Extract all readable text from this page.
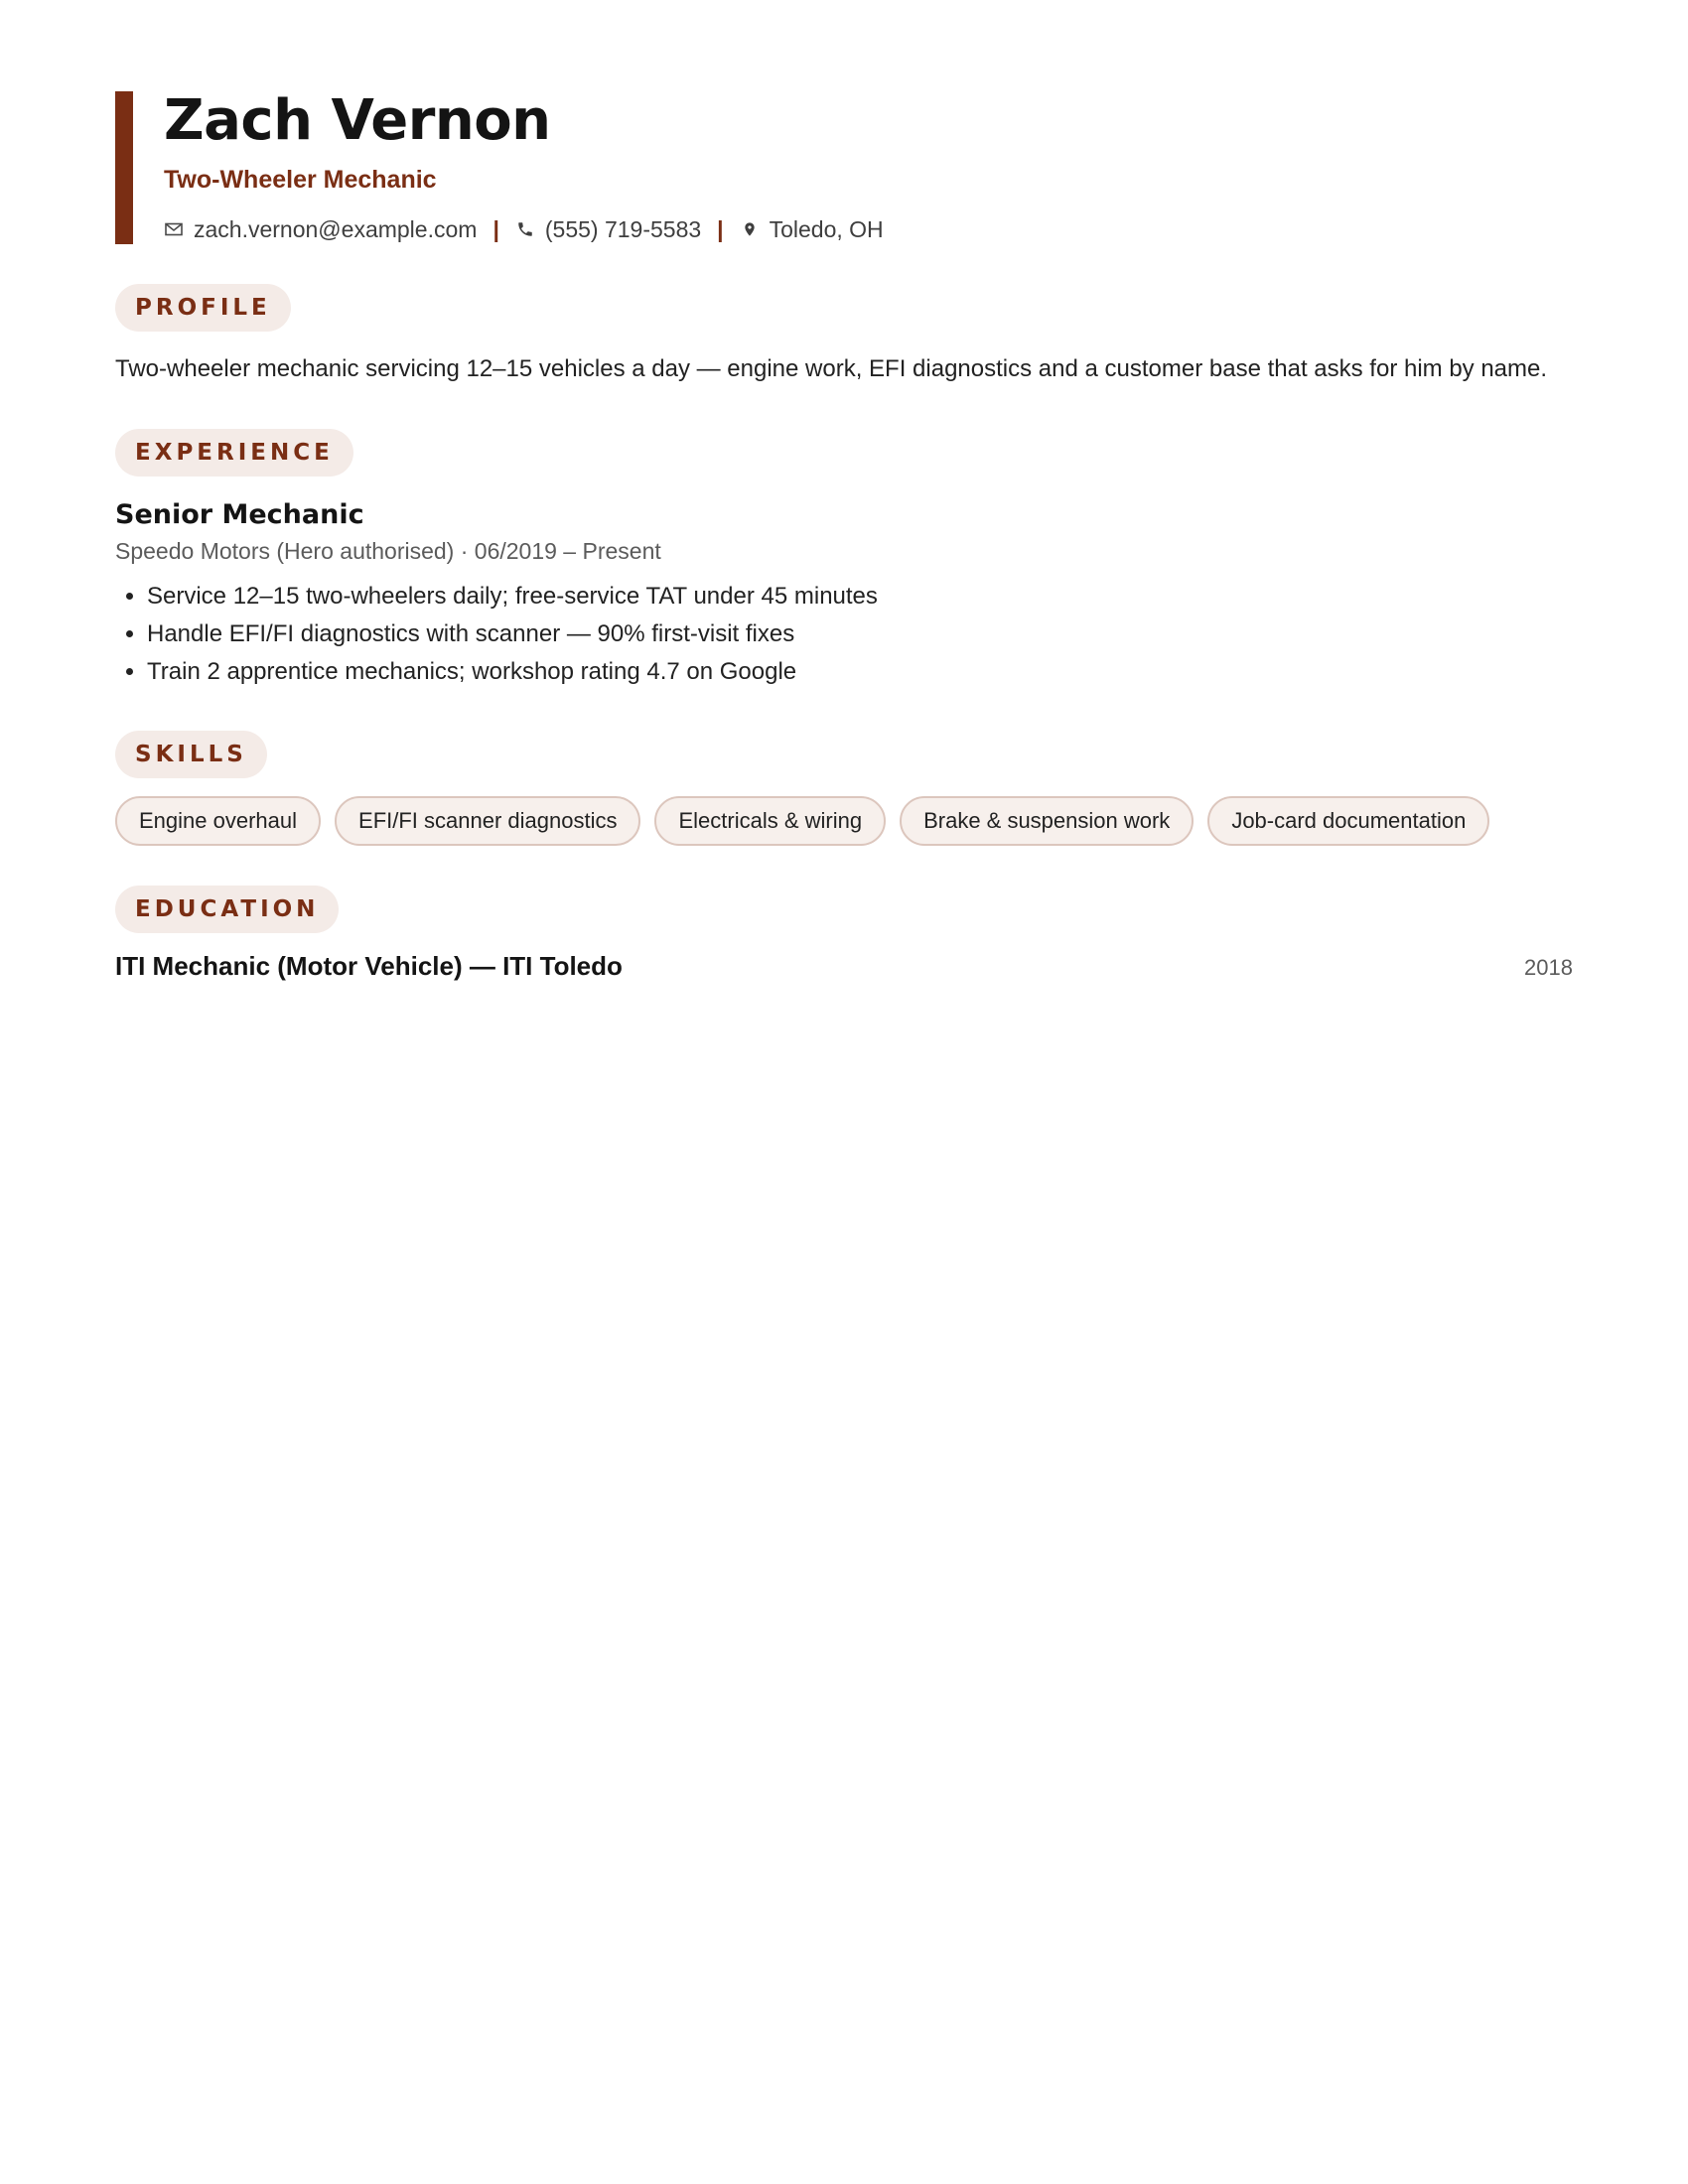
Zach Vernon
Two-Wheeler Mechanic
zach.vernon@example.com | (555) 719-5583 | Toledo, OH
PROFILE
Two-wheeler mechanic servicing 12–15 vehicles a day — engine work, EFI diagnostics and a customer base that asks for him by name.
EXPERIENCE
Senior Mechanic
Speedo Motors (Hero authorised) · 06/2019 – Present
• Service 12–15 two-wheelers daily; free-service TAT under 45 minutes
• Handle EFI/FI diagnostics with scanner — 90% first-visit fixes
• Train 2 apprentice mechanics; workshop rating 4.7 on Google
SKILLS
Engine overhaul	EFI/FI scanner diagnostics	Electricals & wiring	Brake & suspension work	Job-card documentation
EDUCATION
ITI Mechanic (Motor Vehicle) — ITI Toledo	2018
